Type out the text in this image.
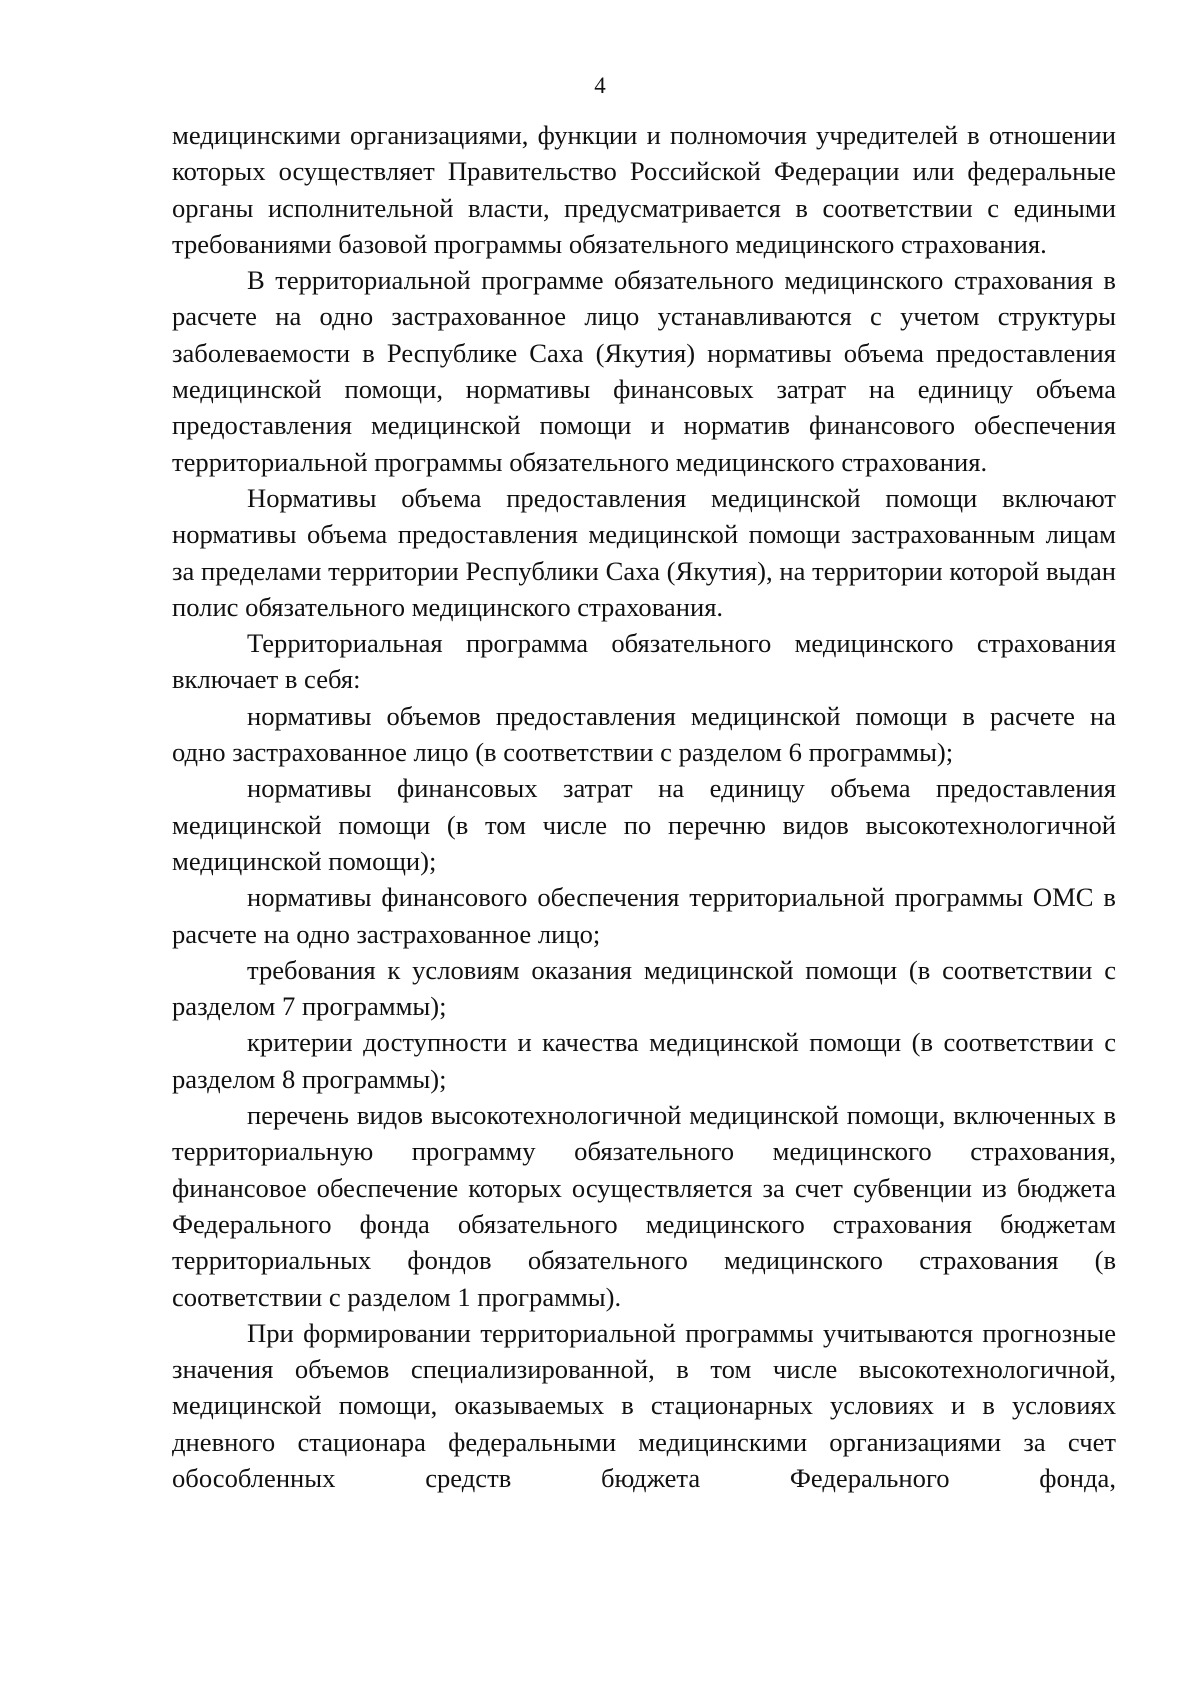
4

медицинскими организациями, функции и полномочия учредителей в отношении которых осуществляет Правительство Российской Федерации или федеральные органы исполнительной власти, предусматривается в соответствии с едиными требованиями базовой программы обязательного медицинского страхования.

В территориальной программе обязательного медицинского страхования в расчете на одно застрахованное лицо устанавливаются с учетом структуры заболеваемости в Республике Саха (Якутия) нормативы объема предоставления медицинской помощи, нормативы финансовых затрат на единицу объема предоставления медицинской помощи и норматив финансового обеспечения территориальной программы обязательного медицинского страхования.

Нормативы объема предоставления медицинской помощи включают нормативы объема предоставления медицинской помощи застрахованным лицам за пределами территории Республики Саха (Якутия), на территории которой выдан полис обязательного медицинского страхования.

Территориальная программа обязательного медицинского страхования включает в себя:

нормативы объемов предоставления медицинской помощи в расчете на одно застрахованное лицо (в соответствии с разделом 6 программы);

нормативы финансовых затрат на единицу объема предоставления медицинской помощи (в том числе по перечню видов высокотехнологичной медицинской помощи);

нормативы финансового обеспечения территориальной программы ОМС в расчете на одно застрахованное лицо;

требования к условиям оказания медицинской помощи (в соответствии с разделом 7 программы);

критерии доступности и качества медицинской помощи (в соответствии с разделом 8 программы);

перечень видов высокотехнологичной медицинской помощи, включенных в территориальную программу обязательного медицинского страхования, финансовое обеспечение которых осуществляется за счет субвенции из бюджета Федерального фонда обязательного медицинского страхования бюджетам территориальных фондов обязательного медицинского страхования (в соответствии с разделом 1 программы).

При формировании территориальной программы учитываются прогнозные значения объемов специализированной, в том числе высокотехнологичной, медицинской помощи, оказываемых в стационарных условиях и в условиях дневного стационара федеральными медицинскими организациями за счет обособленных средств бюджета Федерального фонда,
